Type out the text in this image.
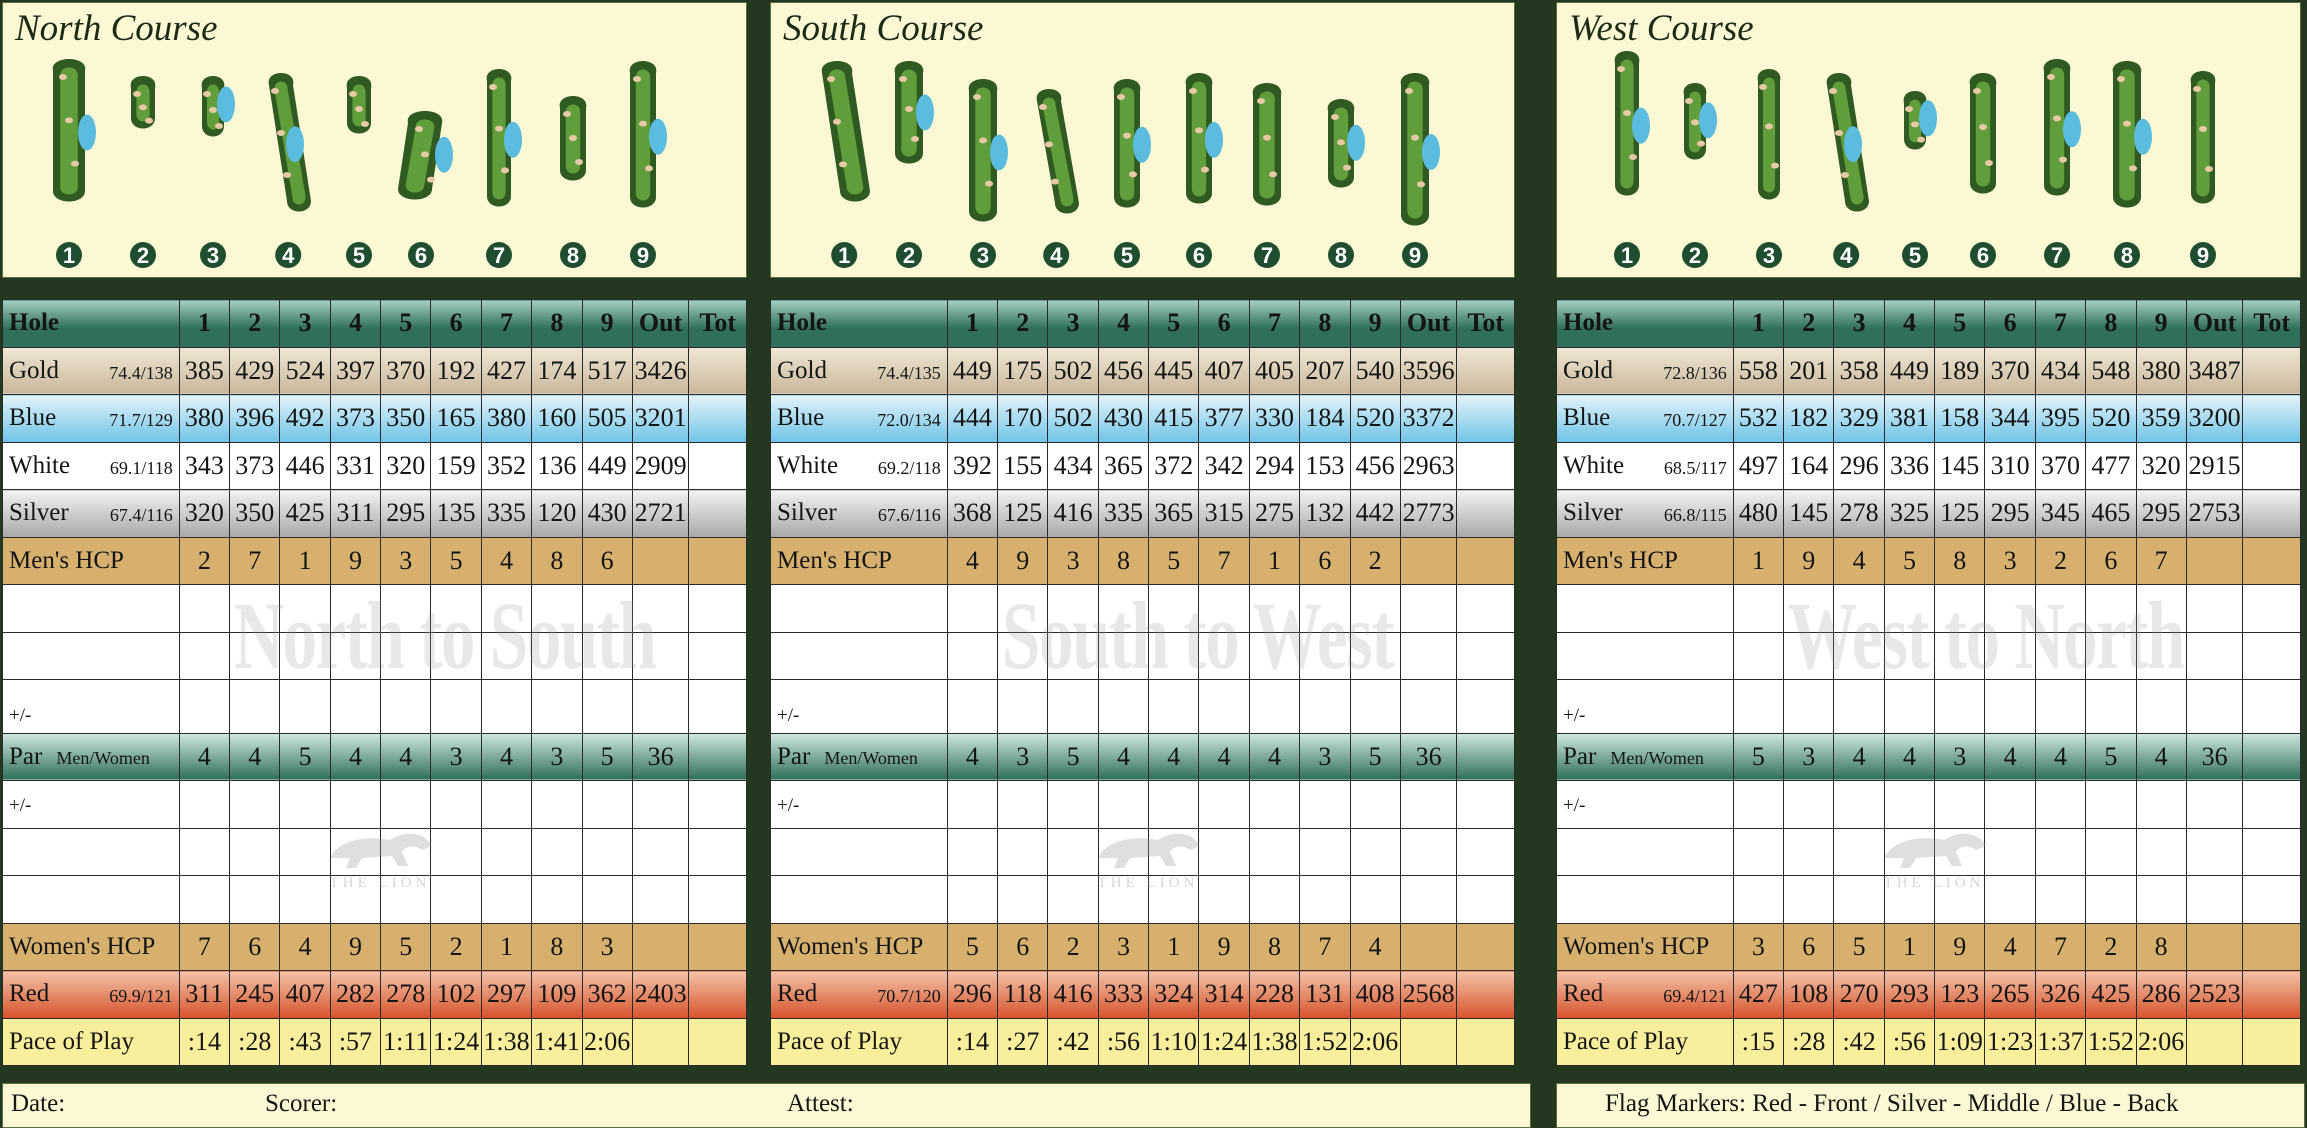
1	2	3	4	5 6	7	8	9
North Course
Hole	1	2	3	4	5	6	7	8	9	Out	Tot
Gold 74.4/138	385	429	524	397	370	192	427	174	517	3426	
Blue 71.7/129	380	396	492	373	350	165	380	160	505	3201	
White 69.1/118	343	373	446	331	320	159	352	136	449	2909	
Silver 67.4/116	320	350	425	311	295	135	335	120	430	2721	
Men's HCP	2	7	1	9	3	5	4	8	6		

+/-											
Par Men/Women	4	4	5	4	4	3	4	3	5	36	
+/-											

Women's HCP	7	6	4	9	5	2	1	8	3		
Red 69.9/121	311	245	407	282	278	102	297	109	362	2403	
Pace of Play	:14	:28	:43	:57	1:11	1:24	1:38	1:41	2:06		
North to South
THE LION
1 2	3	4	5	6	7	8	9
South Course
Hole	1	2	3	4	5	6	7	8	9	Out	Tot
Gold 74.4/135	449	175	502	456	445	407	405	207	540	3596	
Blue 72.0/134	444	170	502	430	415	377	330	184	520	3372	
White 69.2/118	392	155	434	365	372	342	294	153	456	2963	
Silver 67.6/116	368	125	416	335	365	315	275	132	442	2773	
Men's HCP	4	9	3	8	5	7	1	6	2		

+/-											
Par Men/Women	4	3	5	4	4	4	4	3	5	36	
+/-											

Women's HCP	5	6	2	3	1	9	8	7	4		
Red 70.7/120	296	118	416	333	324	314	228	131	408	2568	
Pace of Play	:14	:27	:42	:56	1:10	1:24	1:38	1:52	2:06		
South to West
THE LION
1	2	3	4	5	6	7	8	9
West Course
Hole	1	2	3	4	5	6	7	8	9	Out	Tot
Gold 72.8/136	558	201	358	449	189	370	434	548	380	3487	
Blue 70.7/127	532	182	329	381	158	344	395	520	359	3200	
White 68.5/117	497	164	296	336	145	310	370	477	320	2915	
Silver 66.8/115	480	145	278	325	125	295	345	465	295	2753	
Men's HCP	1	9	4	5	8	3	2	6	7		

+/-											
Par Men/Women	5	3	4	4	3	4	4	5	4	36	
+/-											

Women's HCP	3	6	5	1	9	4	7	2	8		
Red 69.4/121	427	108	270	293	123	265	326	425	286	2523	
Pace of Play	:15	:28	:42	:56	1:09	1:23	1:37	1:52	2:06		
West to North
THE LION
Date:	Scorer:	Attest:	Flag Markers: Red - Front / Silver - Middle / Blue - Back
